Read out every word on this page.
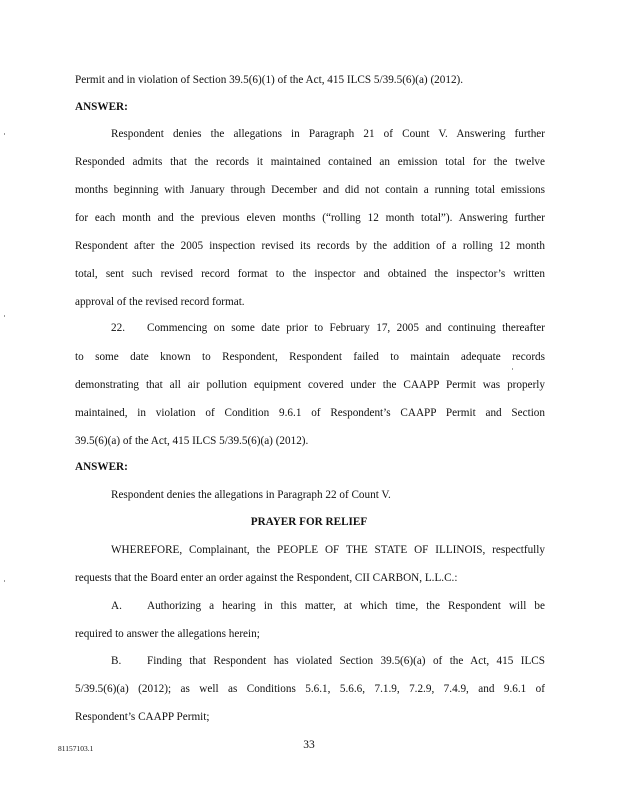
Permit and in violation of Section 39.5(6)(1) of the Act, 415 ILCS 5/39.5(6)(a) (2012).
ANSWER:
Respondent denies the allegations in Paragraph 21 of Count V. Answering further
Responded admits that the records it maintained contained an emission total for the twelve
months beginning with January through December and did not contain a running total emissions
for each month and the previous eleven months (“rolling 12 month total”). Answering further
Respondent after the 2005 inspection revised its records by the addition of a rolling 12 month
total, sent such revised record format to the inspector and obtained the inspector’s written
approval of the revised record format.
22. Commencing on some date prior to February 17, 2005 and continuing thereafter
to some date known to Respondent, Respondent failed to maintain adequate records
demonstrating that all air pollution equipment covered under the CAAPP Permit was properly
maintained, in violation of Condition 9.6.1 of Respondent’s CAAPP Permit and Section
39.5(6)(a) of the Act, 415 ILCS 5/39.5(6)(a) (2012).
ANSWER:
Respondent denies the allegations in Paragraph 22 of Count V.
PRAYER FOR RELIEF
WHEREFORE, Complainant, the PEOPLE OF THE STATE OF ILLINOIS, respectfully
requests that the Board enter an order against the Respondent, CII CARBON, L.L.C.:
A. Authorizing a hearing in this matter, at which time, the Respondent will be
required to answer the allegations herein;
B. Finding that Respondent has violated Section 39.5(6)(a) of the Act, 415 ILCS
5/39.5(6)(a) (2012); as well as Conditions 5.6.1, 5.6.6, 7.1.9, 7.2.9, 7.4.9, and 9.6.1 of
Respondent’s CAAPP Permit;
81157103.1	33
